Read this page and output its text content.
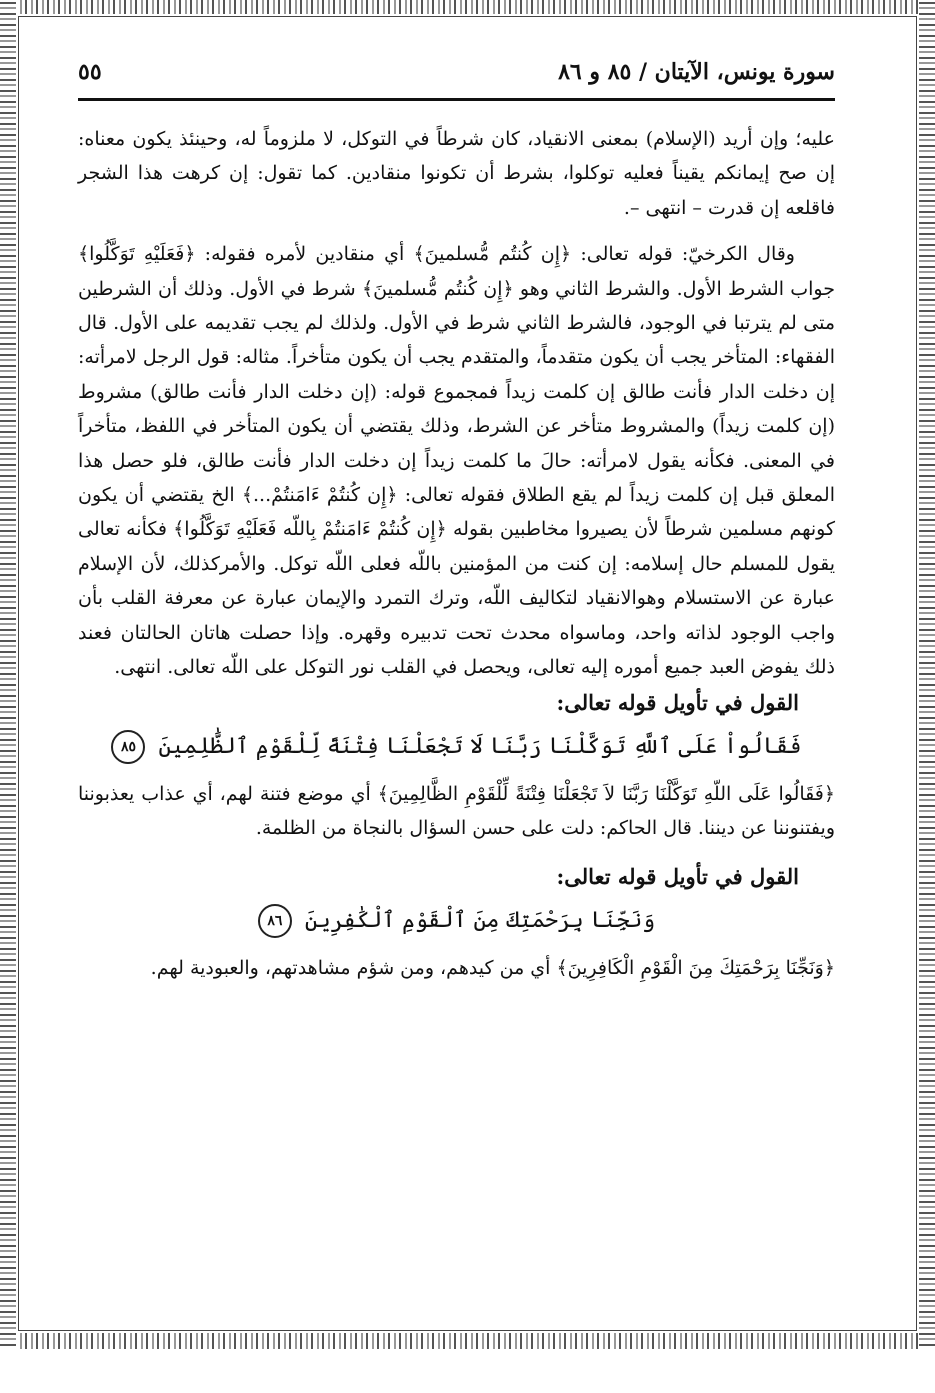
سورة يونس، الآيتان / ٨٥ و ٨٦
٥٥

عليه؛ وإن أريد (الإسلام) بمعنى الانقياد، كان شرطاً في التوكل، لا ملزوماً له، وحينئذ يكون معناه: إن صح إيمانكم يقيناً فعليه توكلوا، بشرط أن تكونوا منقادين. كما تقول: إن كرهت هذا الشجر فاقلعه إن قدرت – انتهى –.

وقال الكرخيّ: قوله تعالى: ﴿إِن كُنتُم مُّسلمينَ﴾ أي منقادين لأمره فقوله: ﴿فَعَلَيْهِ تَوَكَّلُوا﴾ جواب الشرط الأول. والشرط الثاني وهو ﴿إِن كُنتُم مُّسلمينَ﴾ شرط في الأول. وذلك أن الشرطين متى لم يترتبا في الوجود، فالشرط الثاني شرط في الأول. ولذلك لم يجب تقديمه على الأول. قال الفقهاء: المتأخر يجب أن يكون متقدماً، والمتقدم يجب أن يكون متأخراً. مثاله: قول الرجل لامرأته: إن دخلت الدار فأنت طالق إن كلمت زيداً فمجموع قوله: (إن دخلت الدار فأنت طالق) مشروط (إن كلمت زيداً) والمشروط متأخر عن الشرط، وذلك يقتضي أن يكون المتأخر في اللفظ، متأخراً في المعنى. فكأنه يقول لامرأته: حالَ ما كلمت زيداً إن دخلت الدار فأنت طالق، فلو حصل هذا المعلق قبل إن كلمت زيداً لم يقع الطلاق فقوله تعالى: ﴿إِن كُنتُمْ ءَامَنتُمْ...﴾ الخ يقتضي أن يكون كونهم مسلمين شرطاً لأن يصيروا مخاطبين بقوله ﴿إِن كُنتُمْ ءَامَنتُمْ بِاللّه فَعَلَيْهِ تَوَكَّلُوا﴾ فكأنه تعالى يقول للمسلم حال إسلامه: إن كنت من المؤمنين باللّه فعلى اللّه توكل. والأمركذلك، لأن الإسلام عبارة عن الاستسلام وهوالانقياد لتكاليف اللّه، وترك التمرد والإيمان عبارة عن معرفة القلب بأن واجب الوجود لذاته واحد، وماسواه محدث تحت تدبيره وقهره. وإذا حصلت هاتان الحالتان فعند ذلك يفوض العبد جميع أموره إليه تعالى، ويحصل في القلب نور التوكل على اللّه تعالى. انتهى.

القول في تأويل قوله تعالى:

فَقَالُواْ عَلَى ٱللَّهِ تَوَكَّلْنَا رَبَّنَا لَا تَجْعَلْنَا فِتْنَةً لِّلْقَوْمِ ٱلظَّٰلِمِينَ ٨٥

﴿فَقَالُوا عَلَى اللّهِ تَوَكَّلْنَا رَبَّنَا لاَ تَجْعَلْنَا فِتْنَةً لِّلْقَوْمِ الظَّالِمِينَ﴾ أي موضع فتنة لهم، أي عذاب يعذبوننا ويفتنوننا عن ديننا. قال الحاكم: دلت على حسن السؤال بالنجاة من الظلمة.

القول في تأويل قوله تعالى:

وَنَجِّنَا بِرَحْمَتِكَ مِنَ ٱلْقَوْمِ ٱلْكَٰفِرِينَ ٨٦

﴿وَنَجِّنَا بِرَحْمَتِكَ مِنَ الْقَوْمِ الْكَافِرِينَ﴾ أي من كيدهم، ومن شؤم مشاهدتهم، والعبودية لهم.
